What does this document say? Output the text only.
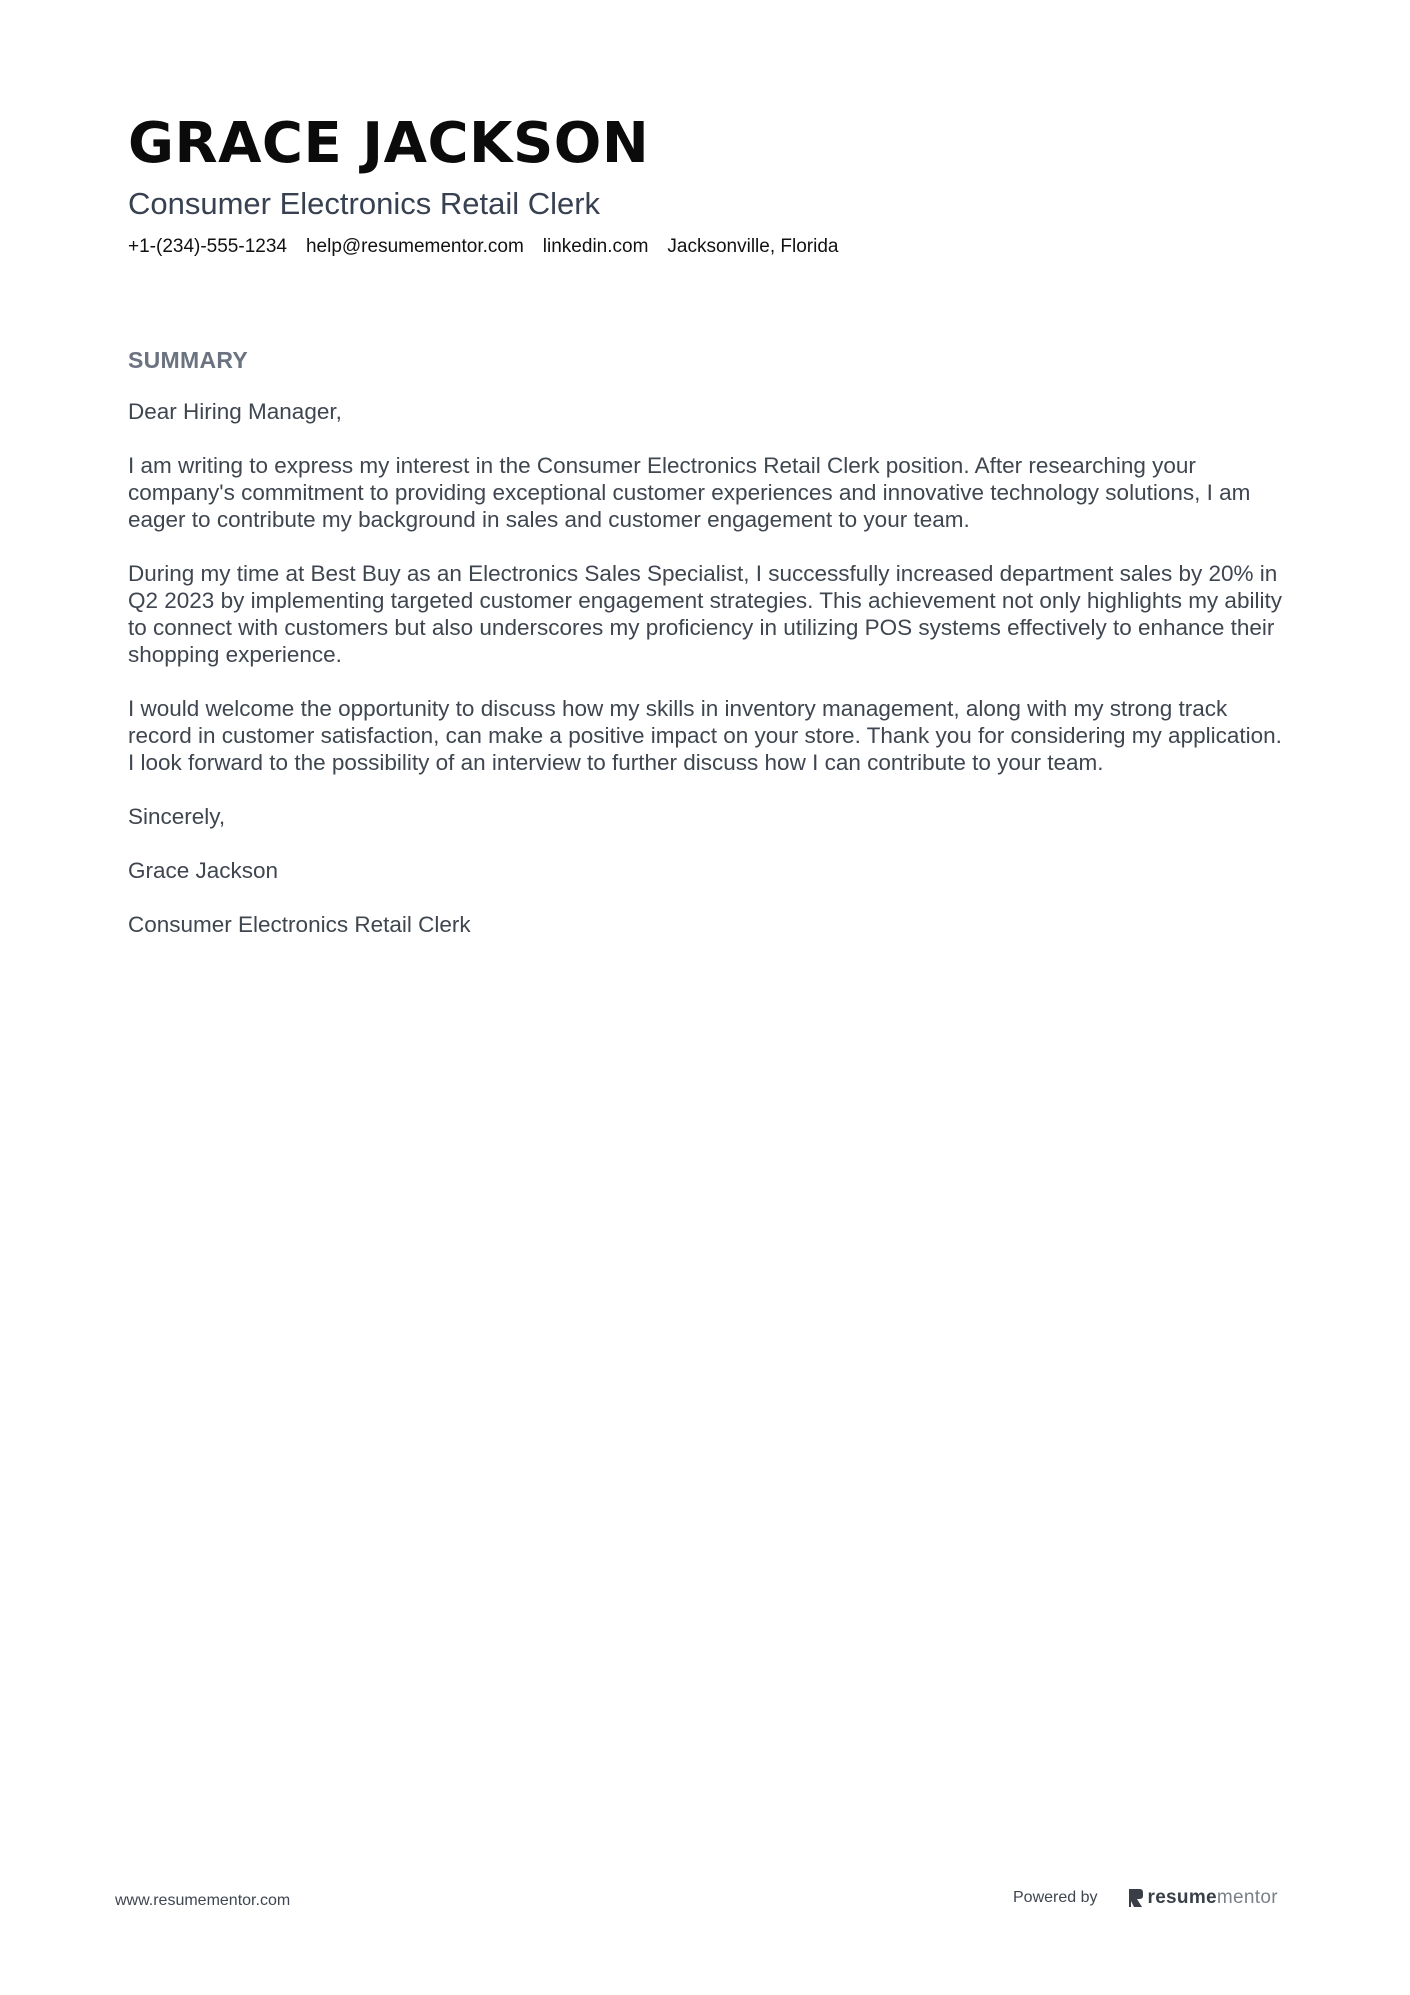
GRACE JACKSON
Consumer Electronics Retail Clerk
+1-(234)-555-1234 help@resumementor.com linkedin.com Jacksonville, Florida
SUMMARY

Dear Hiring Manager,

I am writing to express my interest in the Consumer Electronics Retail Clerk position. After researching your company's commitment to providing exceptional customer experiences and innovative technology solutions, I am eager to contribute my background in sales and customer engagement to your team.

During my time at Best Buy as an Electronics Sales Specialist, I successfully increased department sales by 20% in Q2 2023 by implementing targeted customer engagement strategies. This achievement not only highlights my ability to connect with customers but also underscores my proficiency in utilizing POS systems effectively to enhance their shopping experience.

I would welcome the opportunity to discuss how my skills in inventory management, along with my strong track record in customer satisfaction, can make a positive impact on your store. Thank you for considering my application. I look forward to the possibility of an interview to further discuss how I can contribute to your team.

Sincerely,

Grace Jackson

Consumer Electronics Retail Clerk

www.resumementor.com	Powered by	resumementor
